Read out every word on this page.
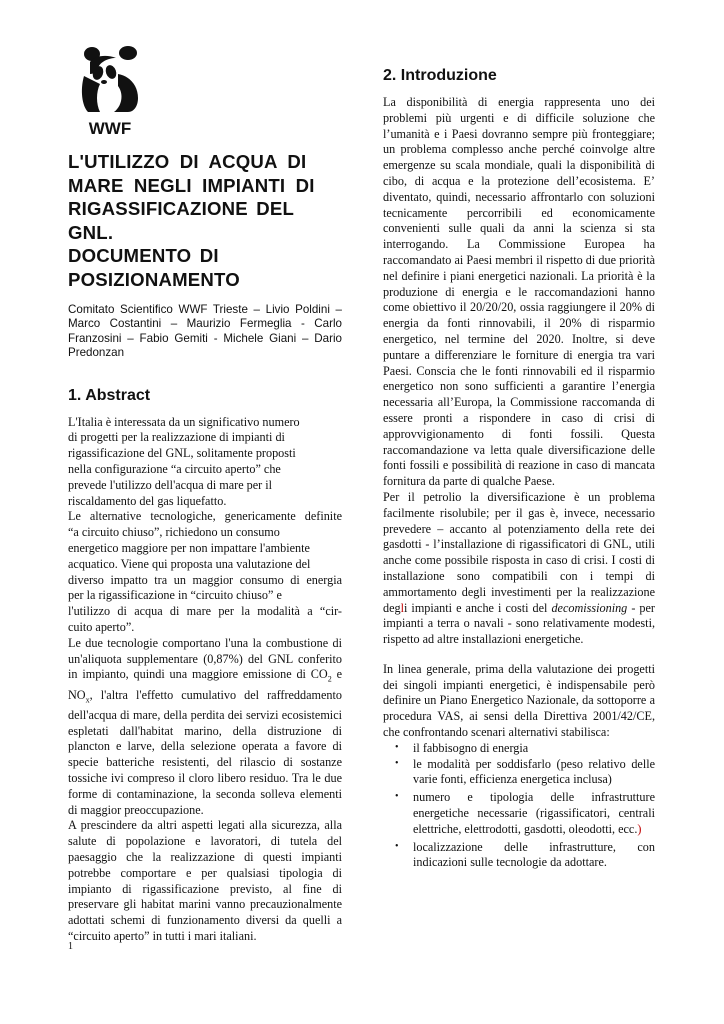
WWF
L'UTILIZZO DI ACQUA DI
MARE NEGLI IMPIANTI DI
RIGASSIFICAZIONE DEL
GNL.
DOCUMENTO DI
POSIZIONAMENTO
Comitato Scientifico WWF Trieste – Livio Poldini – Marco Costantini – Maurizio Fermeglia - Carlo Franzosini – Fabio Gemiti - Michele Giani – Dario Predonzan
1. Abstract
L'Italia è interessata da un significativo numero
di progetti per la realizzazione di impianti di
rigassificazione del GNL, solitamente proposti
nella configurazione “a circuito aperto” che
prevede l'utilizzo dell'acqua di mare per il
riscaldamento del gas liquefatto.
Le alternative tecnologiche, genericamente definite
“a circuito chiuso”, richiedono un consumo
energetico maggiore per non impattare l'ambiente
acquatico. Viene qui proposta una valutazione del
diverso impatto tra un maggior consumo di energia
per la rigassificazione in “circuito chiuso” e
l'utilizzo di acqua di mare per la modalità a “cir-
cuito aperto”.

Le due tecnologie comportano l'una la combustione di un'aliquota supplementare (0,87%) del GNL conferito in impianto, quindi una maggiore emissione di $CO_2$ e $NO_x$, l'altra l'effetto cumulativo del raffreddamento dell'acqua di mare, della perdita dei servizi ecosistemici espletati dall'habitat marino, della distruzione di plancton e larve, della selezione operata a favore di specie batteriche resistenti, del rilascio di sostanze tossiche ivi compreso il cloro libero residuo. Tra le due forme di contaminazione, la seconda solleva elementi di maggior preoccupazione.

A prescindere da altri aspetti legati alla sicurezza, alla salute di popolazione e lavoratori, di tutela del paesaggio che la realizzazione di questi impianti potrebbe comportare e per qualsiasi tipologia di impianto di rigassificazione previsto, al fine di preservare gli habitat marini vanno precauzionalmente adottati schemi di funzionamento diversi da quelli a “circuito aperto” in tutti i mari italiani.

2. Introduzione

La disponibilità di energia rappresenta uno dei problemi più urgenti e di difficile soluzione che l’umanità e i Paesi dovranno sempre più fronteggiare; un problema complesso anche perché coinvolge altre emergenze su scala mondiale, quali la disponibilità di cibo, di acqua e la protezione dell’ecosistema. E’ diventato, quindi, necessario affrontarlo con soluzioni tecnicamente percorribili ed economicamente convenienti sulle quali da anni la scienza si sta interrogando. La Commissione Europea ha raccomandato ai Paesi membri il rispetto di due priorità nel definire i piani energetici nazionali. La priorità è la produzione di energia e le raccomandazioni hanno come obiettivo il 20/20/20, ossia raggiungere il 20% di energia da fonti rinnovabili, il 20% di risparmio energetico, nel termine del 2020. Inoltre, si deve puntare a differenziare le forniture di energia tra vari Paesi. Conscia che le fonti rinnovabili ed il risparmio energetico non sono sufficienti a garantire l’energia necessaria all’Europa, la Commissione raccomanda di essere pronti a rispondere in caso di crisi di approvvigionamento di fonti fossili. Questa raccomandazione va letta quale diversificazione delle fonti fossili e possibilità di reazione in caso di mancata fornitura da parte di qualche Paese.

Per il petrolio la diversificazione è un problema facilmente risolubile; per il gas è, invece, necessario prevedere – accanto al potenziamento della rete dei gasdotti - l’installazione di rigassificatori di GNL, utili anche come possibile risposta in caso di crisi. I costi di installazione sono compatibili con i tempi di ammortamento degli investimenti per la realizzazione degli impianti e anche i costi del decomissioning - per impianti a terra o navali - sono relativamente modesti, rispetto ad altre installazioni energetiche.

In linea generale, prima della valutazione dei progetti dei singoli impianti energetici, è indispensabile però definire un Piano Energetico Nazionale, da sottoporre a procedura VAS, ai sensi della Direttiva 2001/42/CE, che confrontando scenari alternativi stabilisca:

• il fabbisogno di energia
• le modalità per soddisfarlo (peso relativo delle varie fonti, efficienza energetica inclusa)
• numero e tipologia delle infrastrutture energetiche necessarie (rigassificatori, centrali elettriche, elettrodotti, gasdotti, oleodotti, ecc.)
• localizzazione delle infrastrutture, con indicazioni sulle tecnologie da adottare.
1
